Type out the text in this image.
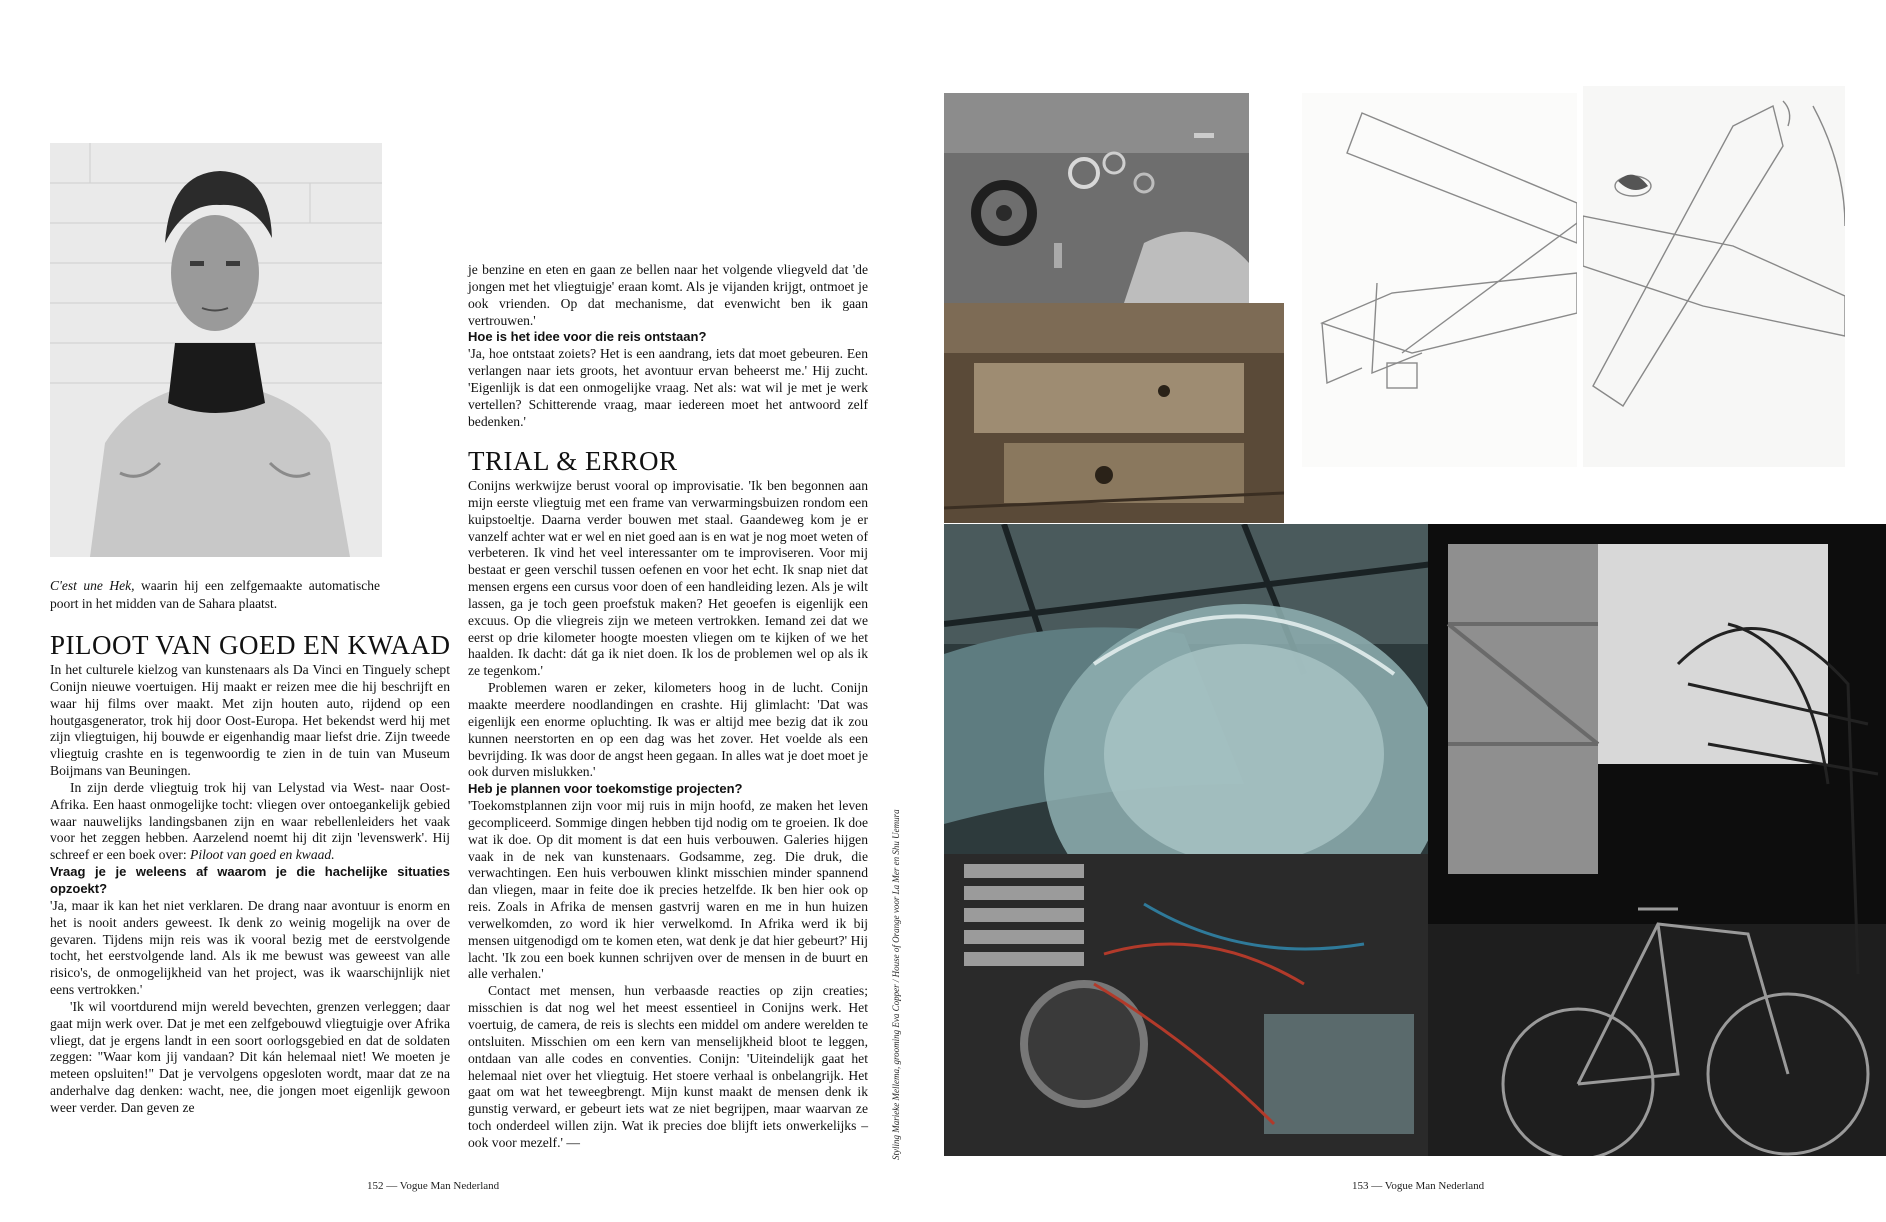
C'est une Hek, waarin hij een zelfgemaakte automatische poort in het midden van de Sahara plaatst.
PILOOT VAN GOED EN KWAAD

In het culturele kielzog van kunstenaars als Da Vinci en Tinguely schept Conijn nieuwe voertuigen. Hij maakt er reizen mee die hij beschrijft en waar hij films over maakt. Met zijn houten auto, rijdend op een houtgasgenerator, trok hij door Oost-Europa. Het bekendst werd hij met zijn vliegtuigen, hij bouwde er eigenhandig maar liefst drie. Zijn tweede vliegtuig crashte en is tegenwoordig te zien in de tuin van Museum Boijmans van Beuningen.

In zijn derde vliegtuig trok hij van Lelystad via West- naar Oost-Afrika. Een haast onmogelijke tocht: vliegen over ontoegankelijk gebied waar nauwelijks landingsbanen zijn en waar rebellenleiders het vaak voor het zeggen hebben. Aarzelend noemt hij dit zijn 'levenswerk'. Hij schreef er een boek over: Piloot van goed en kwaad.

Vraag je je weleens af waarom je die hachelijke situaties opzoekt?

'Ja, maar ik kan het niet verklaren. De drang naar avontuur is enorm en het is nooit anders geweest. Ik denk zo weinig mogelijk na over de gevaren. Tijdens mijn reis was ik vooral bezig met de eerstvolgende tocht, het eerstvolgende land. Als ik me bewust was geweest van alle risico's, de onmogelijkheid van het project, was ik waarschijnlijk niet eens vertrokken.'

'Ik wil voortdurend mijn wereld bevechten, grenzen verleggen; daar gaat mijn werk over. Dat je met een zelfgebouwd vliegtuigje over Afrika vliegt, dat je ergens landt in een soort oorlogsgebied en dat de soldaten zeggen: "Waar kom jij vandaan? Dit kán helemaal niet! We moeten je meteen opsluiten!" Dat je vervolgens opgesloten wordt, maar dat ze na anderhalve dag denken: wacht, nee, die jongen moet eigenlijk gewoon weer verder. Dan geven ze

je benzine en eten en gaan ze bellen naar het volgende vliegveld dat 'de jongen met het vliegtuigje' eraan komt. Als je vijanden krijgt, ontmoet je ook vrienden. Op dat mechanisme, dat evenwicht ben ik gaan vertrouwen.'

Hoe is het idee voor die reis ontstaan?

'Ja, hoe ontstaat zoiets? Het is een aandrang, iets dat moet gebeuren. Een verlangen naar iets groots, het avontuur ervan beheerst me.' Hij zucht. 'Eigenlijk is dat een onmogelijke vraag. Net als: wat wil je met je werk vertellen? Schitterende vraag, maar iedereen moet het antwoord zelf bedenken.'

TRIAL & ERROR

Conijns werkwijze berust vooral op improvisatie. 'Ik ben begonnen aan mijn eerste vliegtuig met een frame van verwarmingsbuizen rondom een kuipstoeltje. Daarna verder bouwen met staal. Gaandeweg kom je er vanzelf achter wat er wel en niet goed aan is en wat je nog moet weten of verbeteren. Ik vind het veel interessanter om te improviseren. Voor mij bestaat er geen verschil tussen oefenen en voor het echt. Ik snap niet dat mensen ergens een cursus voor doen of een handleiding lezen. Als je wilt lassen, ga je toch geen proefstuk maken? Het geoefen is eigenlijk een excuus. Op die vliegreis zijn we meteen vertrokken. Iemand zei dat we eerst op drie kilometer hoogte moesten vliegen om te kijken of we het haalden. Ik dacht: dát ga ik niet doen. Ik los de problemen wel op als ik ze tegenkom.'

Problemen waren er zeker, kilometers hoog in de lucht. Conijn maakte meerdere noodlandingen en crashte. Hij glimlacht: 'Dat was eigenlijk een enorme opluchting. Ik was er altijd mee bezig dat ik zou kunnen neerstorten en op een dag was het zover. Het voelde als een bevrijding. Ik was door de angst heen gegaan. In alles wat je doet moet je ook durven mislukken.'

Heb je plannen voor toekomstige projecten?

'Toekomstplannen zijn voor mij ruis in mijn hoofd, ze maken het leven gecompliceerd. Sommige dingen hebben tijd nodig om te groeien. Ik doe wat ik doe. Op dit moment is dat een huis verbouwen. Galeries hijgen vaak in de nek van kunstenaars. Godsamme, zeg. Die druk, die verwachtingen. Een huis verbouwen klinkt misschien minder spannend dan vliegen, maar in feite doe ik precies hetzelfde. Ik ben hier ook op reis. Zoals in Afrika de mensen gastvrij waren en me in hun huizen verwelkomden, zo word ik hier verwelkomd. In Afrika werd ik bij mensen uitgenodigd om te komen eten, wat denk je dat hier gebeurt?' Hij lacht. 'Ik zou een boek kunnen schrijven over de mensen in de buurt en alle verhalen.'

Contact met mensen, hun verbaasde reacties op zijn creaties; misschien is dat nog wel het meest essentieel in Conijns werk. Het voertuig, de camera, de reis is slechts een middel om andere werelden te ontsluiten. Misschien om een kern van menselijkheid bloot te leggen, ontdaan van alle codes en conventies. Conijn: 'Uiteindelijk gaat het helemaal niet over het vliegtuig. Het stoere verhaal is onbelangrijk. Het gaat om wat het teweegbrengt. Mijn kunst maakt de mensen denk ik gunstig verward, er gebeurt iets wat ze niet begrijpen, maar waarvan ze toch onderdeel willen zijn. Wat ik precies doe blijft iets onwerkelijks – ook voor mezelf.' —	Styling Marieke Mellema, grooming Eva Copper / House of Orange voor La Mer en Shu Uemura
152 — Vogue Man Nederland	153 — Vogue Man Nederland
